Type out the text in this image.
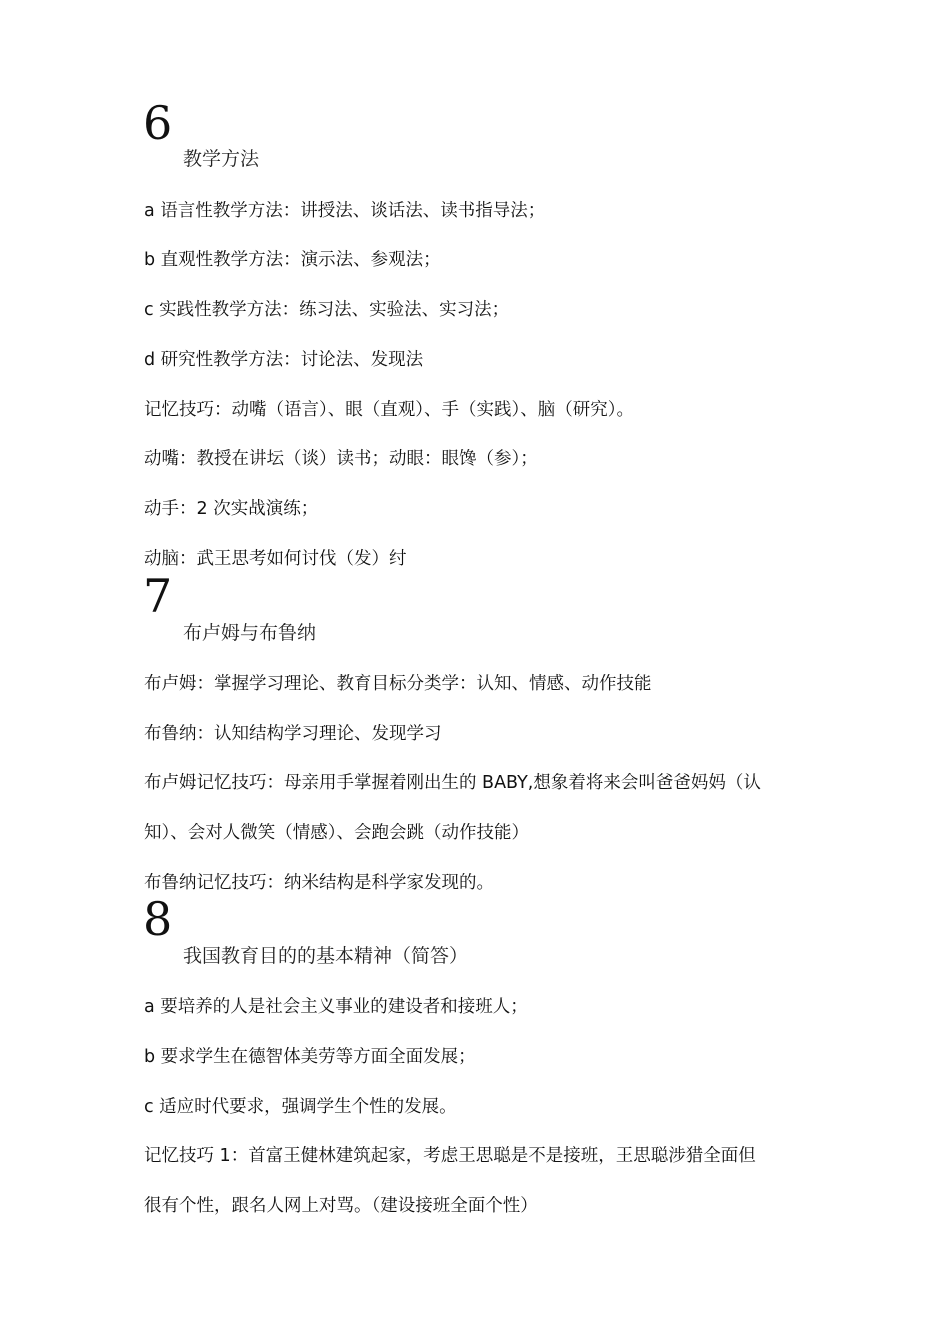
6
教学方法
a 语言性教学方法：讲授法、谈话法、读书指导法；
b 直观性教学方法：演示法、参观法；
c 实践性教学方法：练习法、实验法、实习法；
d 研究性教学方法：讨论法、发现法
记忆技巧：动嘴（语言）、眼（直观）、手（实践）、脑（研究）。
动嘴：教授在讲坛（谈）读书；动眼：眼馋（参）；
动手：2 次实战演练；
动脑：武王思考如何讨伐（发）纣
7
布卢姆与布鲁纳
布卢姆：掌握学习理论、教育目标分类学：认知、情感、动作技能
布鲁纳：认知结构学习理论、发现学习
布卢姆记忆技巧：母亲用手掌握着刚出生的 BABY,想象着将来会叫爸爸妈妈（认
知）、会对人微笑（情感）、会跑会跳（动作技能）
布鲁纳记忆技巧：纳米结构是科学家发现的。
8
我国教育目的的基本精神（简答）
a 要培养的人是社会主义事业的建设者和接班人；
b 要求学生在德智体美劳等方面全面发展；
c 适应时代要求，强调学生个性的发展。
记忆技巧 1：首富王健林建筑起家，考虑王思聪是不是接班，王思聪涉猎全面但
很有个性，跟名人网上对骂。（建设接班全面个性）
